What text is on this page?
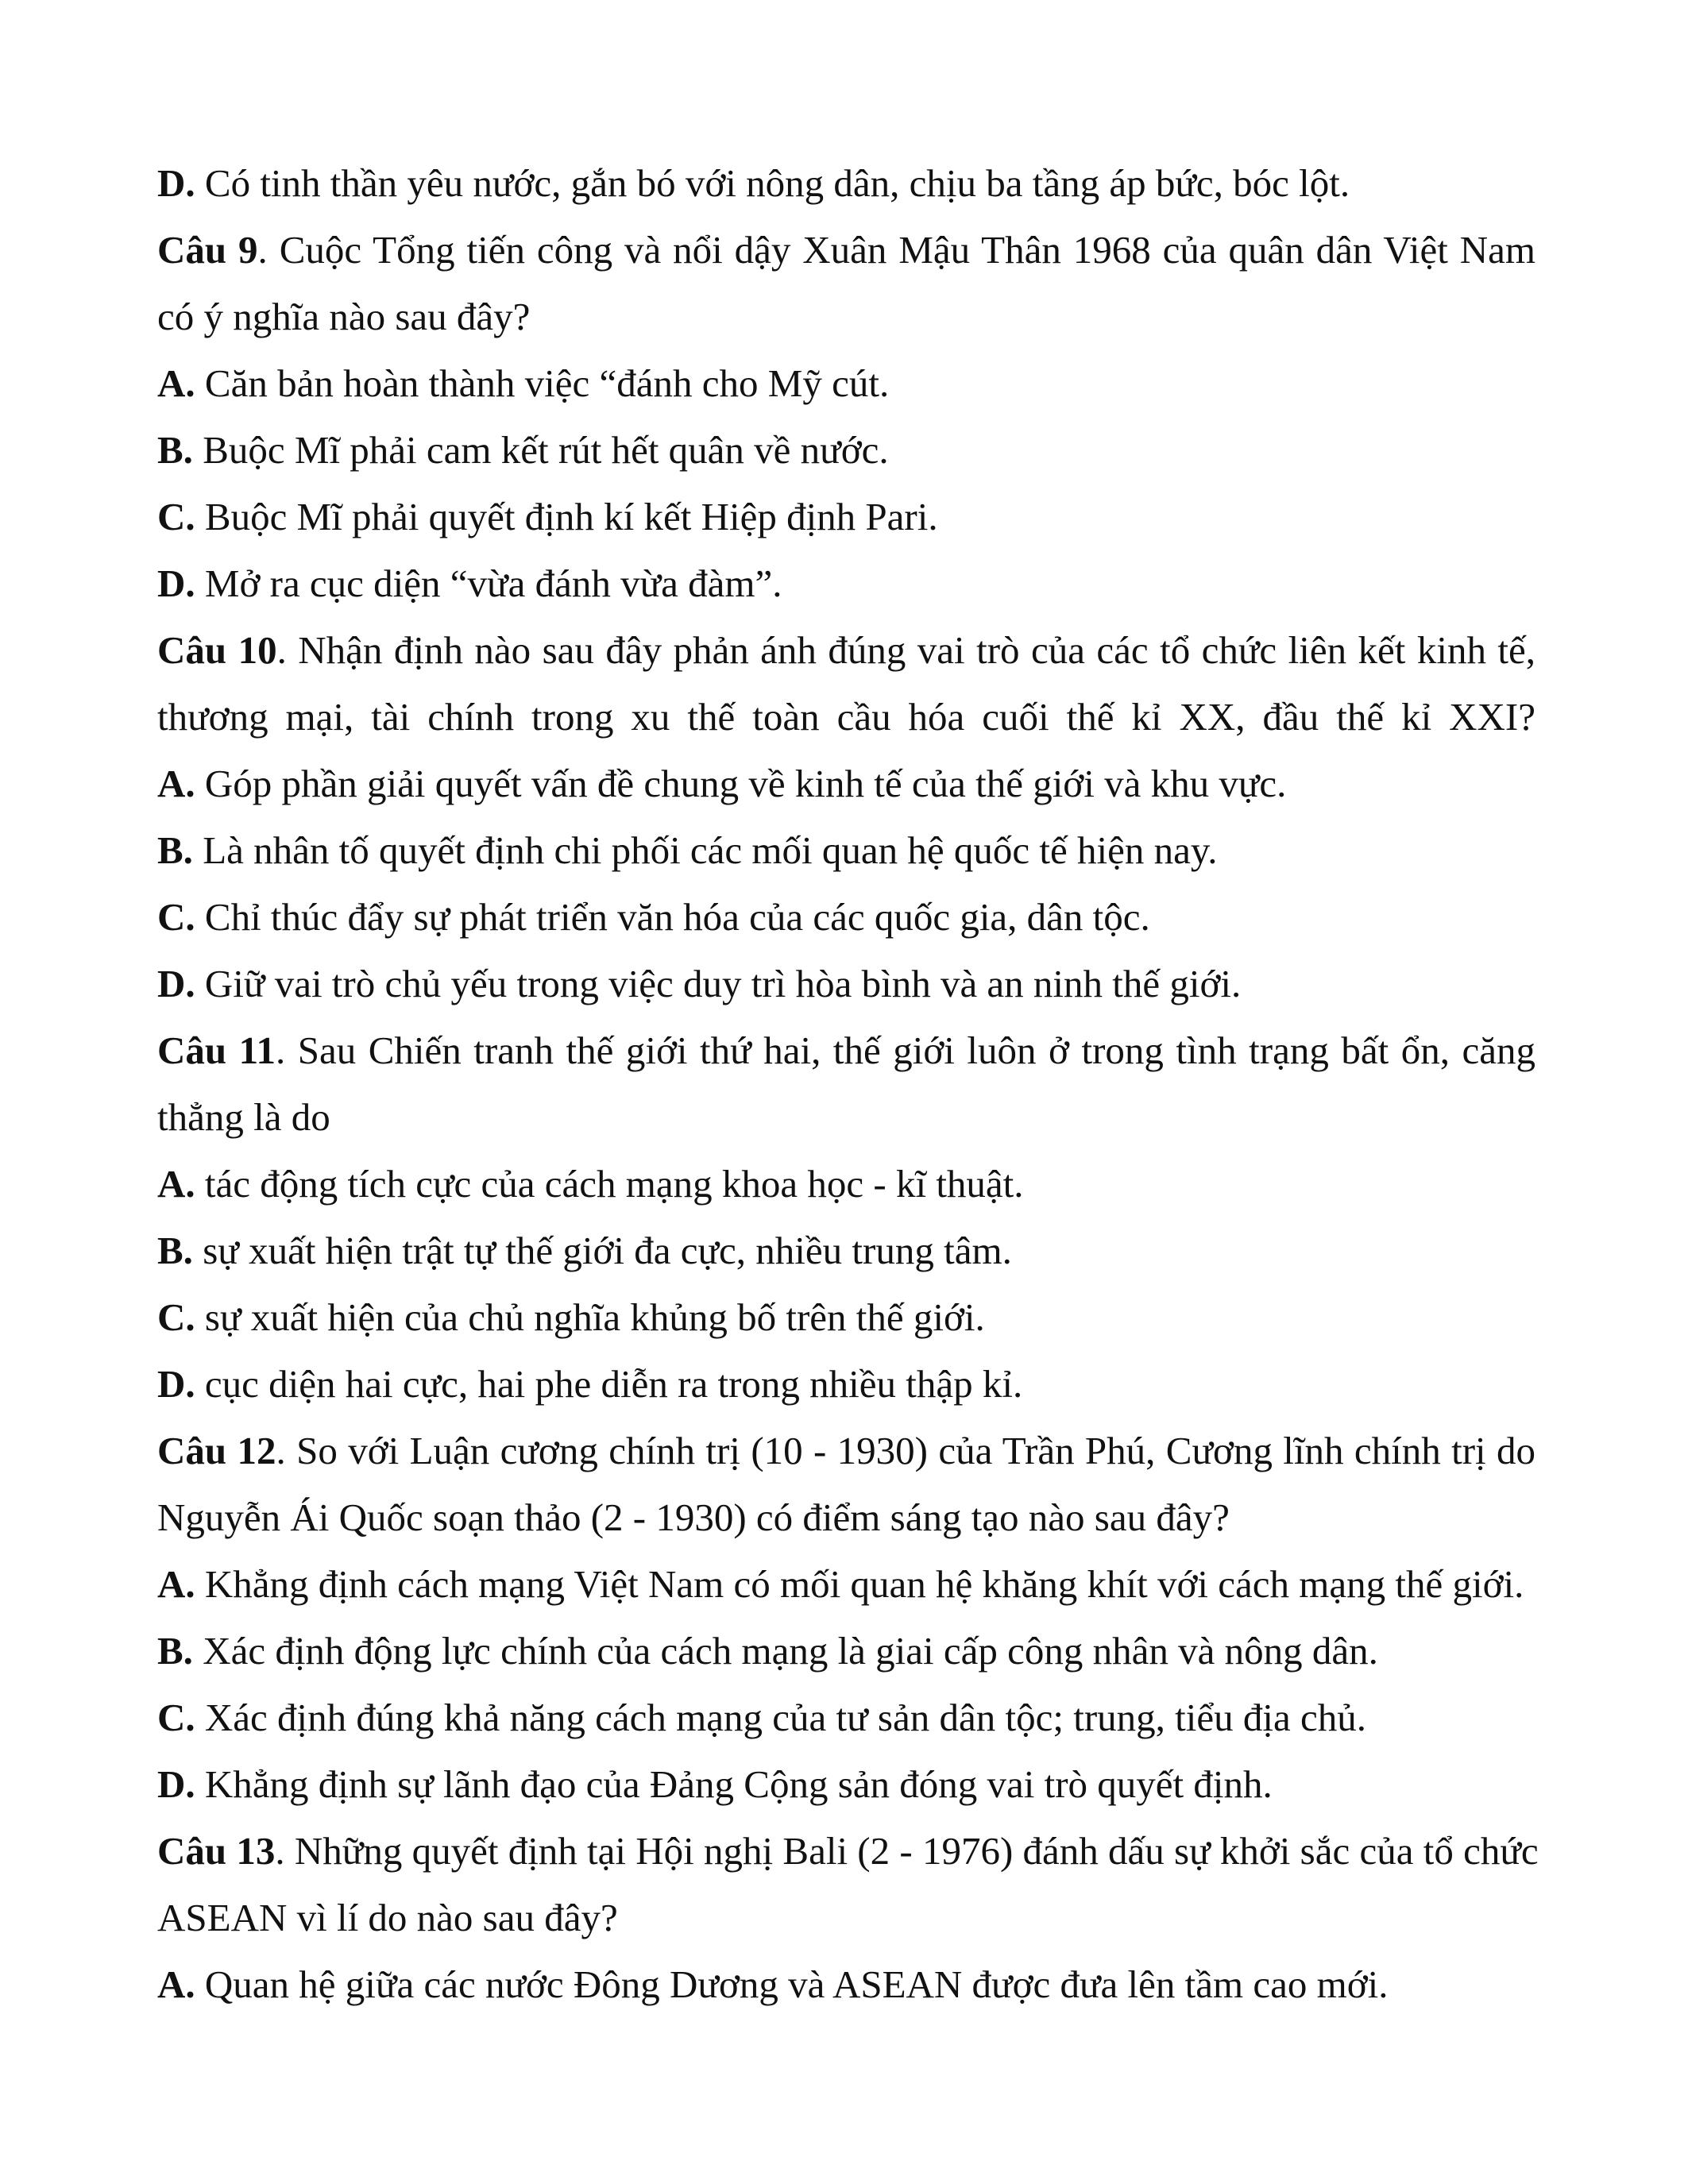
D. Có tinh thần yêu nước, gắn bó với nông dân, chịu ba tầng áp bức, bóc lột.
Câu 9. Cuộc Tổng tiến công và nổi dậy Xuân Mậu Thân 1968 của quân dân Việt Nam
có ý nghĩa nào sau đây?
A. Căn bản hoàn thành việc “đánh cho Mỹ cút.
B. Buộc Mĩ phải cam kết rút hết quân về nước.
C. Buộc Mĩ phải quyết định kí kết Hiệp định Pari.
D. Mở ra cục diện “vừa đánh vừa đàm”.
Câu 10. Nhận định nào sau đây phản ánh đúng vai trò của các tổ chức liên kết kinh tế,
thương mại, tài chính trong xu thế toàn cầu hóa cuối thế kỉ XX, đầu thế kỉ XXI?
A. Góp phần giải quyết vấn đề chung về kinh tế của thế giới và khu vực.
B. Là nhân tố quyết định chi phối các mối quan hệ quốc tế hiện nay.
C. Chỉ thúc đẩy sự phát triển văn hóa của các quốc gia, dân tộc.
D. Giữ vai trò chủ yếu trong việc duy trì hòa bình và an ninh thế giới.
Câu 11. Sau Chiến tranh thế giới thứ hai, thế giới luôn ở trong tình trạng bất ổn, căng
thẳng là do
A. tác động tích cực của cách mạng khoa học - kĩ thuật.
B. sự xuất hiện trật tự thế giới đa cực, nhiều trung tâm.
C. sự xuất hiện của chủ nghĩa khủng bố trên thế giới.
D. cục diện hai cực, hai phe diễn ra trong nhiều thập kỉ.
Câu 12. So với Luận cương chính trị (10 - 1930) của Trần Phú, Cương lĩnh chính trị do
Nguyễn Ái Quốc soạn thảo (2 - 1930) có điểm sáng tạo nào sau đây?
A. Khẳng định cách mạng Việt Nam có mối quan hệ khăng khít với cách mạng thế giới.
B. Xác định động lực chính của cách mạng là giai cấp công nhân và nông dân.
C. Xác định đúng khả năng cách mạng của tư sản dân tộc; trung, tiểu địa chủ.
D. Khẳng định sự lãnh đạo của Đảng Cộng sản đóng vai trò quyết định.
Câu 13. Những quyết định tại Hội nghị Bali (2 - 1976) đánh dấu sự khởi sắc của tổ chức
ASEAN vì lí do nào sau đây?
A. Quan hệ giữa các nước Đông Dương và ASEAN được đưa lên tầm cao mới.
